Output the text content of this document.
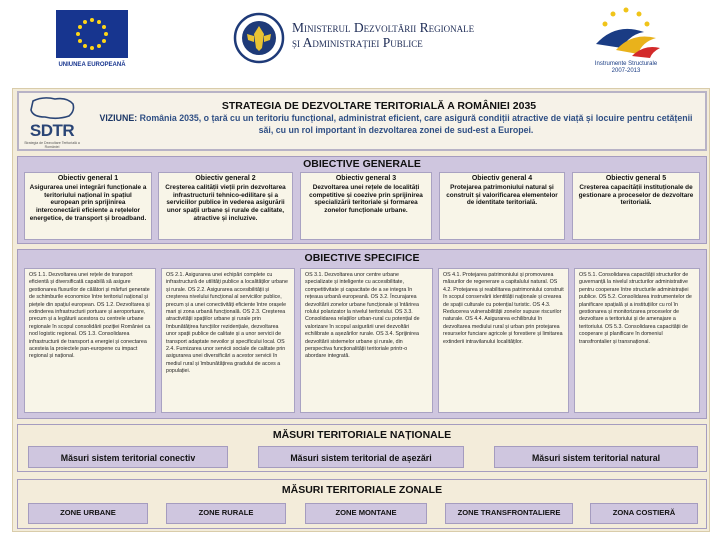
UNIUNEA EUROPEANĂ
Ministerul Dezvoltării Regionale
și Administrației Publice
Instrumente Structurale
2007-2013
SDTR
Strategia de Dezvoltare Teritorială a României
STRATEGIA DE DEZVOLTARE TERITORIALĂ A ROMÂNIEI 2035
VIZIUNE: România 2035, o țară cu un teritoriu funcțional, administrat eficient, care asigură condiții atractive de viață și locuire pentru cetățenii săi, cu un rol important în dezvoltarea zonei de sud-est a Europei.
OBIECTIVE GENERALE
Obiectiv general 1
Asigurarea unei integrări funcționale a teritoriului național în spațiul european prin sprijinirea interconectării eficiente a rețelelor energetice, de transport și broadband.
Obiectiv general 2
Creșterea calității vieții prin dezvoltarea infrastructurii tehnico-edilitare și a serviciilor publice în vederea asigurării unor spații urbane și rurale de calitate, atractive și incluzive.
Obiectiv general 3
Dezvoltarea unei rețele de localități competitive și coezive prin sprijinirea specializării teritoriale și formarea zonelor funcționale urbane.
Obiectiv general 4
Protejarea patrimoniului natural și construit și valorificarea elementelor de identitate teritorială.
Obiectiv general 5
Creșterea capacității instituționale de gestionare a proceselor de dezvoltare teritorială.
OBIECTIVE SPECIFICE
OS 1.1. Dezvoltarea unei rețele de transport eficientă și diversificată capabilă să asigure gestionarea fluxurilor de călători și mărfuri generate de schimburile economice între teritoriul național și piețele din spațiul european. OS 1.2. Dezvoltarea și extinderea infrastructurii portuare și aeroportuare, precum și a legăturii acestora cu centrele urbane regionale în scopul consolidării poziției României ca nod logistic regional. OS 1.3. Consolidarea infrastructurii de transport a energiei și conectarea acesteia la proiectele pan-europene cu impact regional și național.
OS 2.1. Asigurarea unei echipări complete cu infrastructură de utilități publice a localităților urbane și rurale. OS 2.2. Asigurarea accesibilității și creșterea nivelului funcțional al serviciilor publice, precum și a unei conectivități eficiente între orașele mari și zona urbană funcțională. OS 2.3. Creșterea atractivității spațiilor urbane și rurale prin îmbunătățirea funcțiilor rezidențiale, dezvoltarea unor spații publice de calitate și a unor servicii de transport adaptate nevoilor și specificului local. OS 2.4. Furnizarea unor servicii sociale de calitate prin asigurarea unei diversificări a acestor servicii în mediul rural și îmbunătățirea gradului de acces a populației.
OS 3.1. Dezvoltarea unor centre urbane specializate și inteligente cu accesibilitate, competitivitate și capacitate de a se integra în rețeaua urbană europeană. OS 3.2. Încurajarea dezvoltării zonelor urbane funcționale și întărirea rolului polarizator la nivelul teritoriului. OS 3.3. Consolidarea relațiilor urban-rural cu potențial de valorizare în scopul asigurării unei dezvoltări echilibrate a așezărilor rurale. OS 3.4. Sprijinirea dezvoltării sistemelor urbane și rurale, din perspectiva funcționalității teritoriale printr-o abordare integrată.
OS 4.1. Protejarea patrimoniului și promovarea măsurilor de regenerare a capitalului natural. OS 4.2. Protejarea și reabilitarea patrimoniului construit în scopul conservării identității naționale și crearea de spații culturale cu potențial turistic. OS 4.3. Reducerea vulnerabilității zonelor supuse riscurilor naturale. OS 4.4. Asigurarea echilibrului în dezvoltarea mediului rural și urban prin protejarea resurselor funciare agricole și forestiere și limitarea extinderii intravilanului localităților.
OS 5.1. Consolidarea capacității structurilor de guvernanță la nivelul structurilor administrative pentru cooperare între structurile administrației publice. OS 5.2. Consolidarea instrumentelor de planificare spațială și a instituțiilor cu rol în gestionarea și monitorizarea proceselor de dezvoltare a teritoriului și de amenajare a teritoriului. OS 5.3. Consolidarea capacității de cooperare și planificare în domeniul transfrontalier și transnațional.
MĂSURI TERITORIALE NAȚIONALE
Măsuri sistem teritorial conectiv	Măsuri sistem teritorial de așezări	Măsuri sistem teritorial natural
MĂSURI TERITORIALE ZONALE
ZONE URBANE	ZONE RURALE	ZONE MONTANE	ZONE TRANSFRONTALIERE	ZONA COSTIERĂ
